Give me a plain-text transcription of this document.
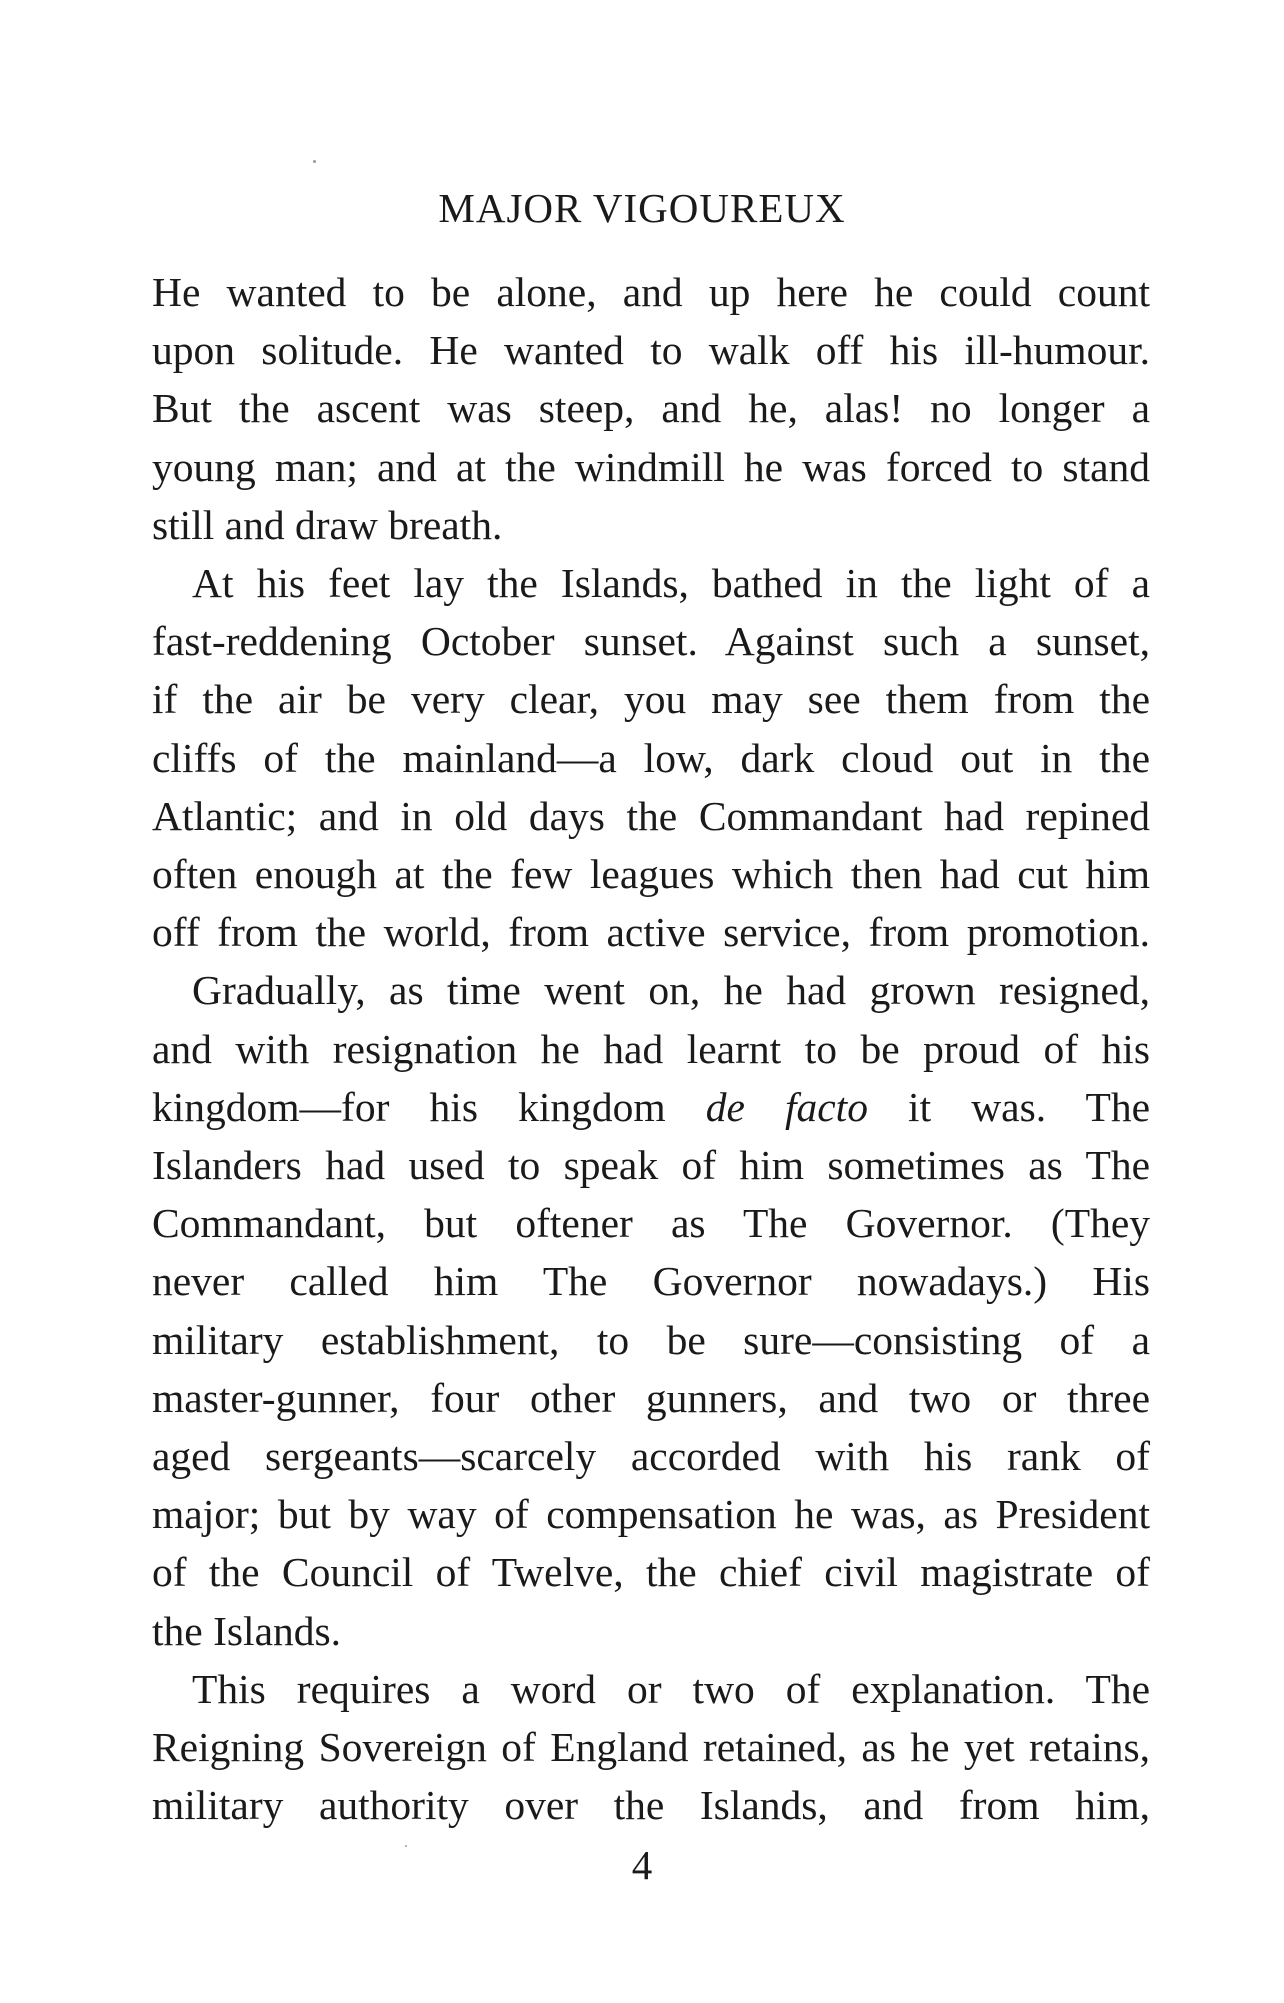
MAJOR VIGOUREUX
He wanted to be alone, and up here he could count
upon solitude. He wanted to walk off his ill-humour.
But the ascent was steep, and he, alas! no longer a
young man; and at the windmill he was forced to stand
still and draw breath.
At his feet lay the Islands, bathed in the light of a
fast-reddening October sunset. Against such a sunset,
if the air be very clear, you may see them from the
cliffs of the mainland—a low, dark cloud out in the
Atlantic; and in old days the Commandant had repined
often enough at the few leagues which then had cut him
off from the world, from active service, from promotion.
Gradually, as time went on, he had grown resigned,
and with resignation he had learnt to be proud of his
kingdom—for his kingdom de facto it was. The
Islanders had used to speak of him sometimes as The
Commandant, but oftener as The Governor. (They
never called him The Governor nowadays.) His
military establishment, to be sure—consisting of a
master-gunner, four other gunners, and two or three
aged sergeants—scarcely accorded with his rank of
major; but by way of compensation he was, as President
of the Council of Twelve, the chief civil magistrate of
the Islands.
This requires a word or two of explanation. The
Reigning Sovereign of England retained, as he yet retains,
military authority over the Islands, and from him,
4
